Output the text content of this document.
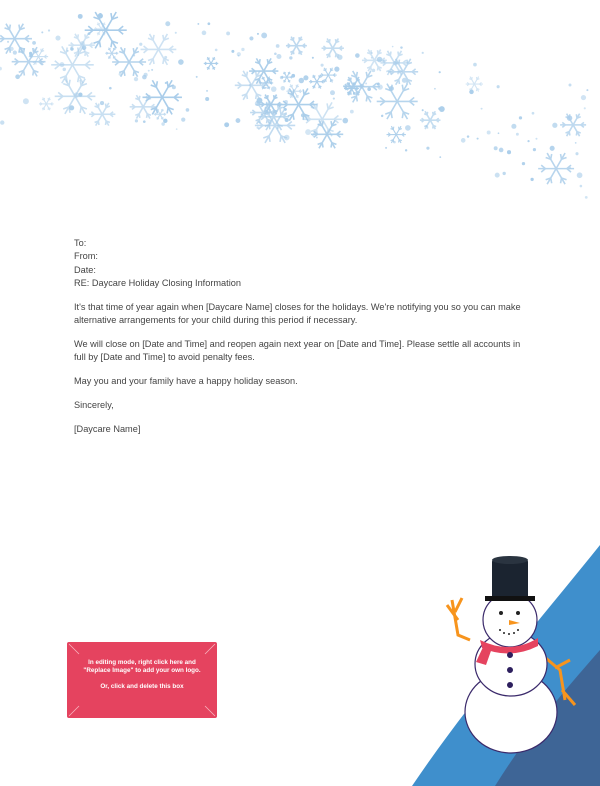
To:
From:
Date:
RE: Daycare Holiday Closing Information

It's that time of year again when [Daycare Name] closes for the holidays. We're notifying you so you can make alternative arrangements for your child during this period if necessary.

We will close on [Date and Time] and reopen again next year on [Date and Time]. Please settle all accounts in full by [Date and Time] to avoid penalty fees.

May you and your family have a happy holiday season.

Sincerely,

[Daycare Name]

In editing mode, right click here and "Replace Image" to add your own logo.
Or, click and delete this box
